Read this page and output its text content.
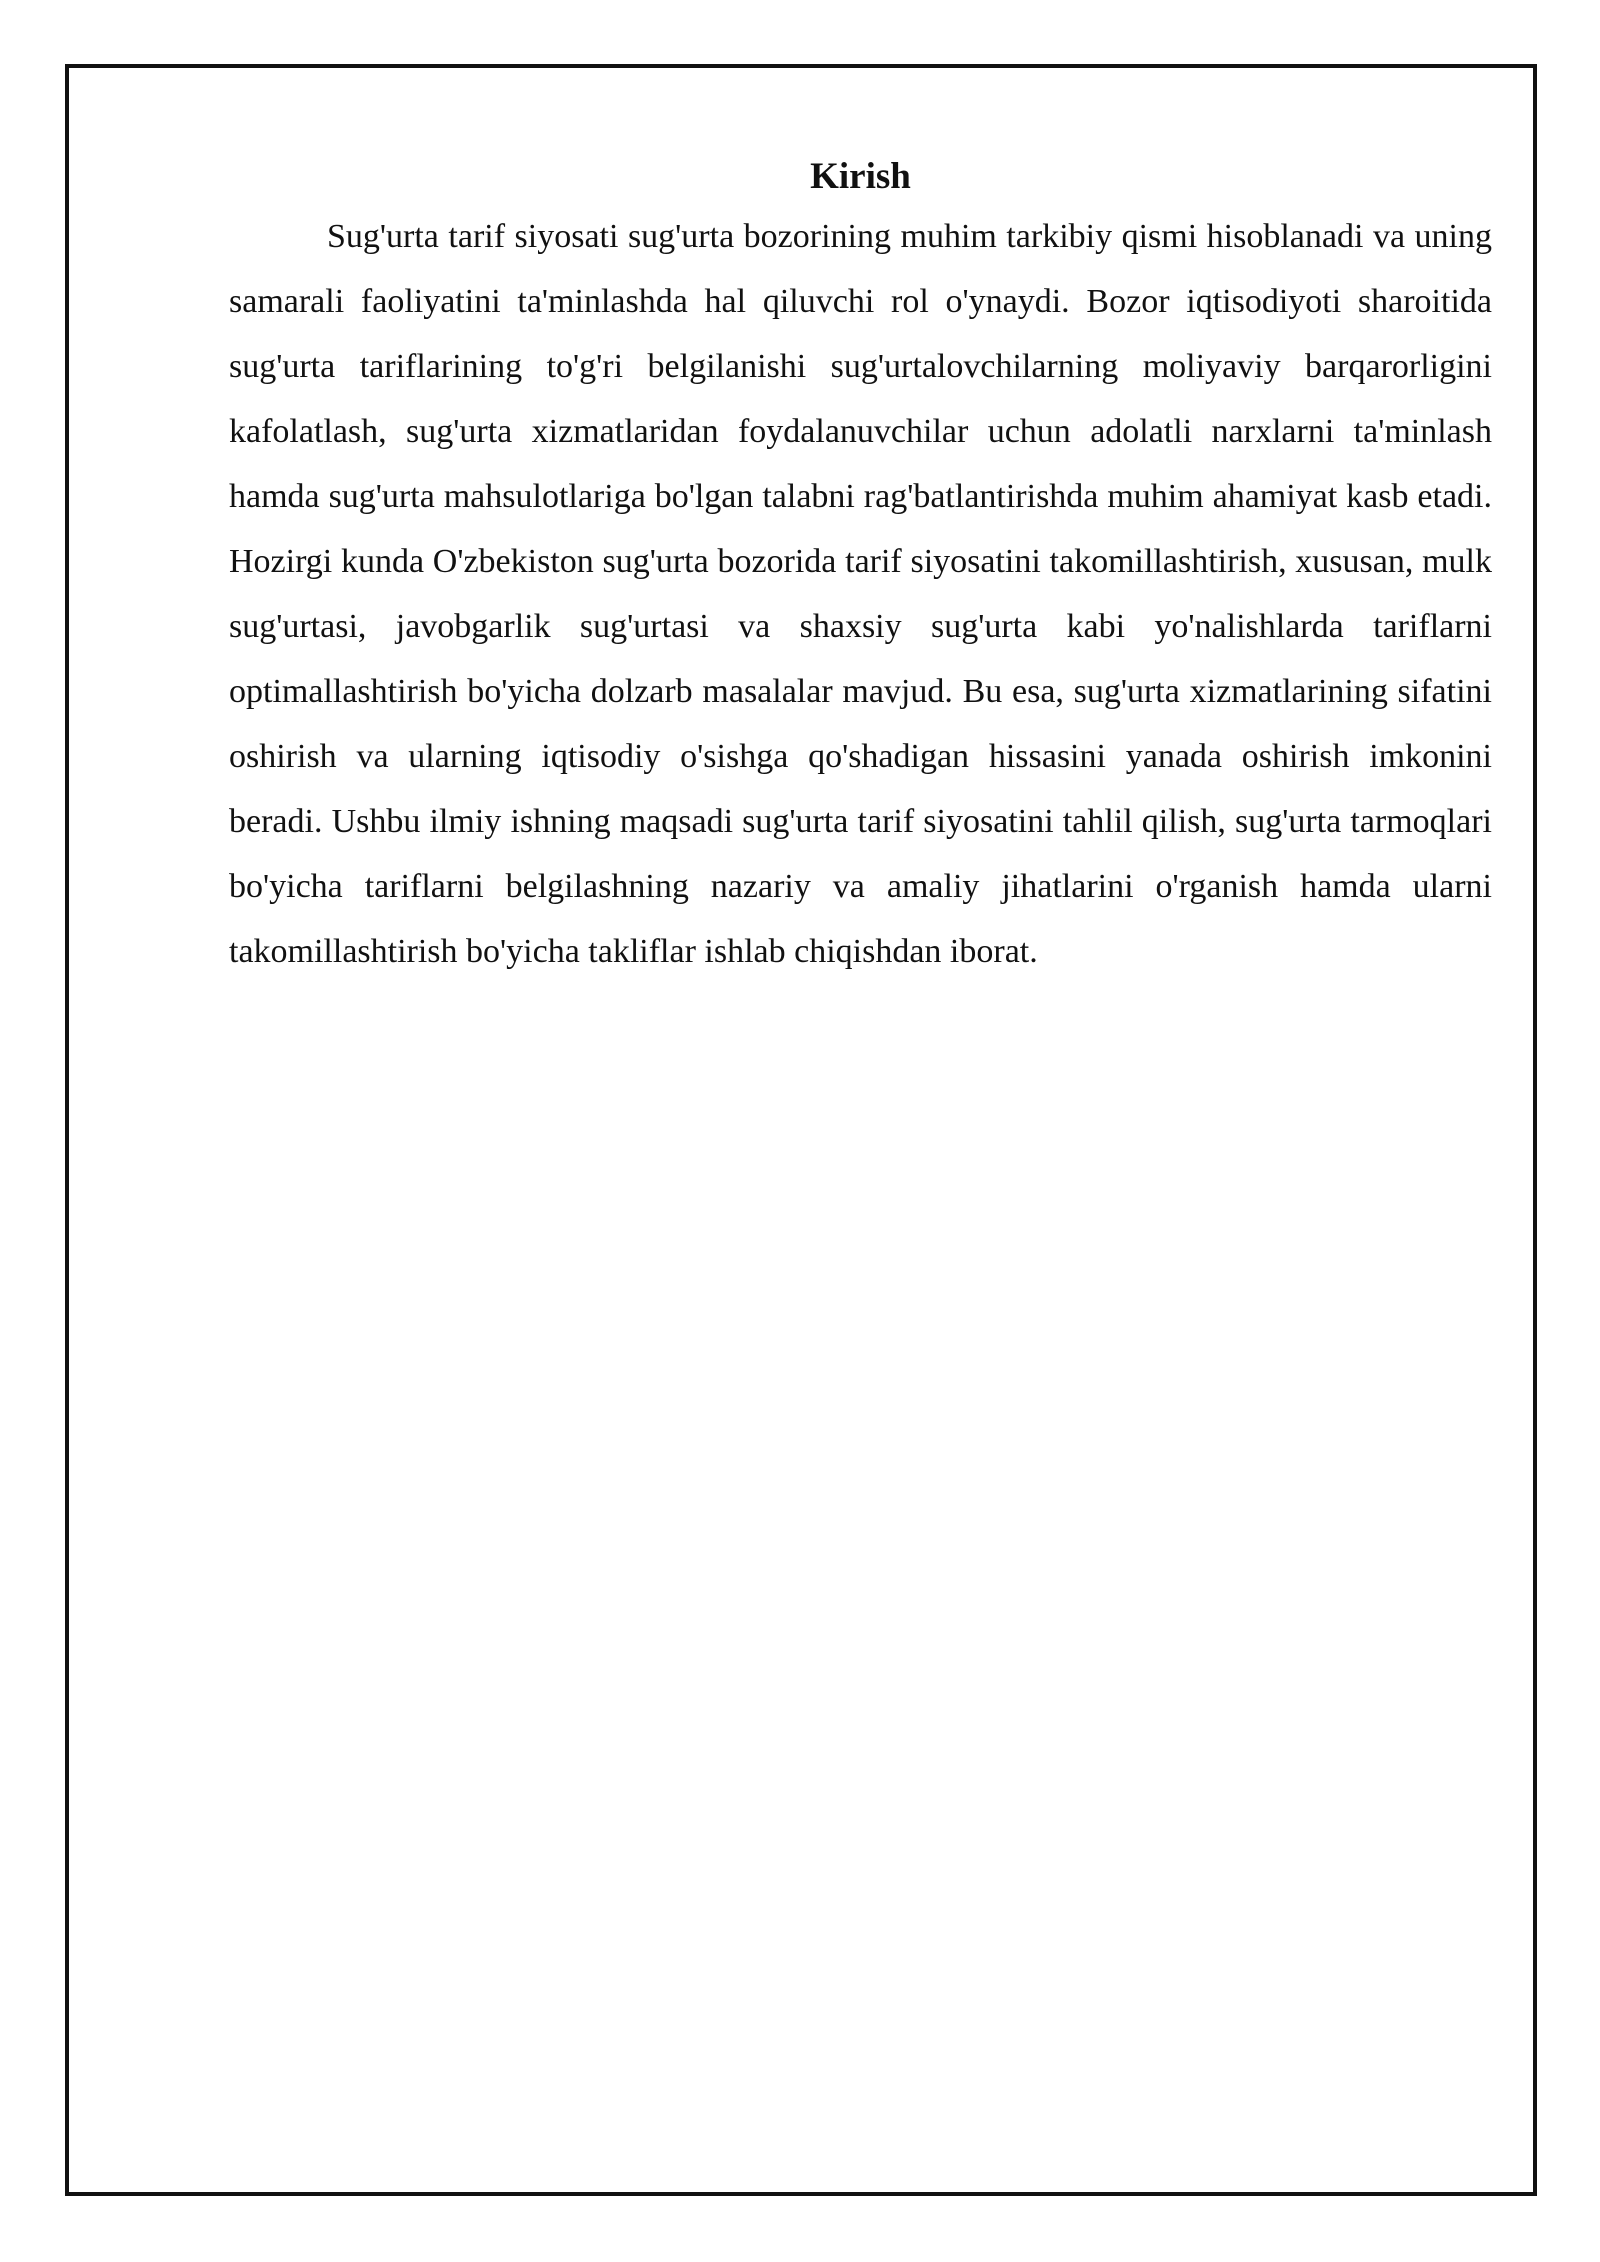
Kirish

Sug'urta tarif siyosati sug'urta bozorining muhim tarkibiy qismi hisoblanadi va uning samarali faoliyatini ta'minlashda hal qiluvchi rol o'ynaydi. Bozor iqtisodiyoti sharoitida sug'urta tariflarining to'g'ri belgilanishi sug'urtalovchilarning moliyaviy barqarorligini kafolatlash, sug'urta xizmatlaridan foydalanuvchilar uchun adolatli narxlarni ta'minlash hamda sug'urta mahsulotlariga bo'lgan talabni rag'batlantirishda muhim ahamiyat kasb etadi. Hozirgi kunda O'zbekiston sug'urta bozorida tarif siyosatini takomillashtirish, xususan, mulk sug'urtasi, javobgarlik sug'urtasi va shaxsiy sug'urta kabi yo'nalishlarda tariflarni optimallashtirish bo'yicha dolzarb masalalar mavjud. Bu esa, sug'urta xizmatlarining sifatini oshirish va ularning iqtisodiy o'sishga qo'shadigan hissasini yanada oshirish imkonini beradi. Ushbu ilmiy ishning maqsadi sug'urta tarif siyosatini tahlil qilish, sug'urta tarmoqlari bo'yicha tariflarni belgilashning nazariy va amaliy jihatlarini o'rganish hamda ularni takomillashtirish bo'yicha takliflar ishlab chiqishdan iborat.
